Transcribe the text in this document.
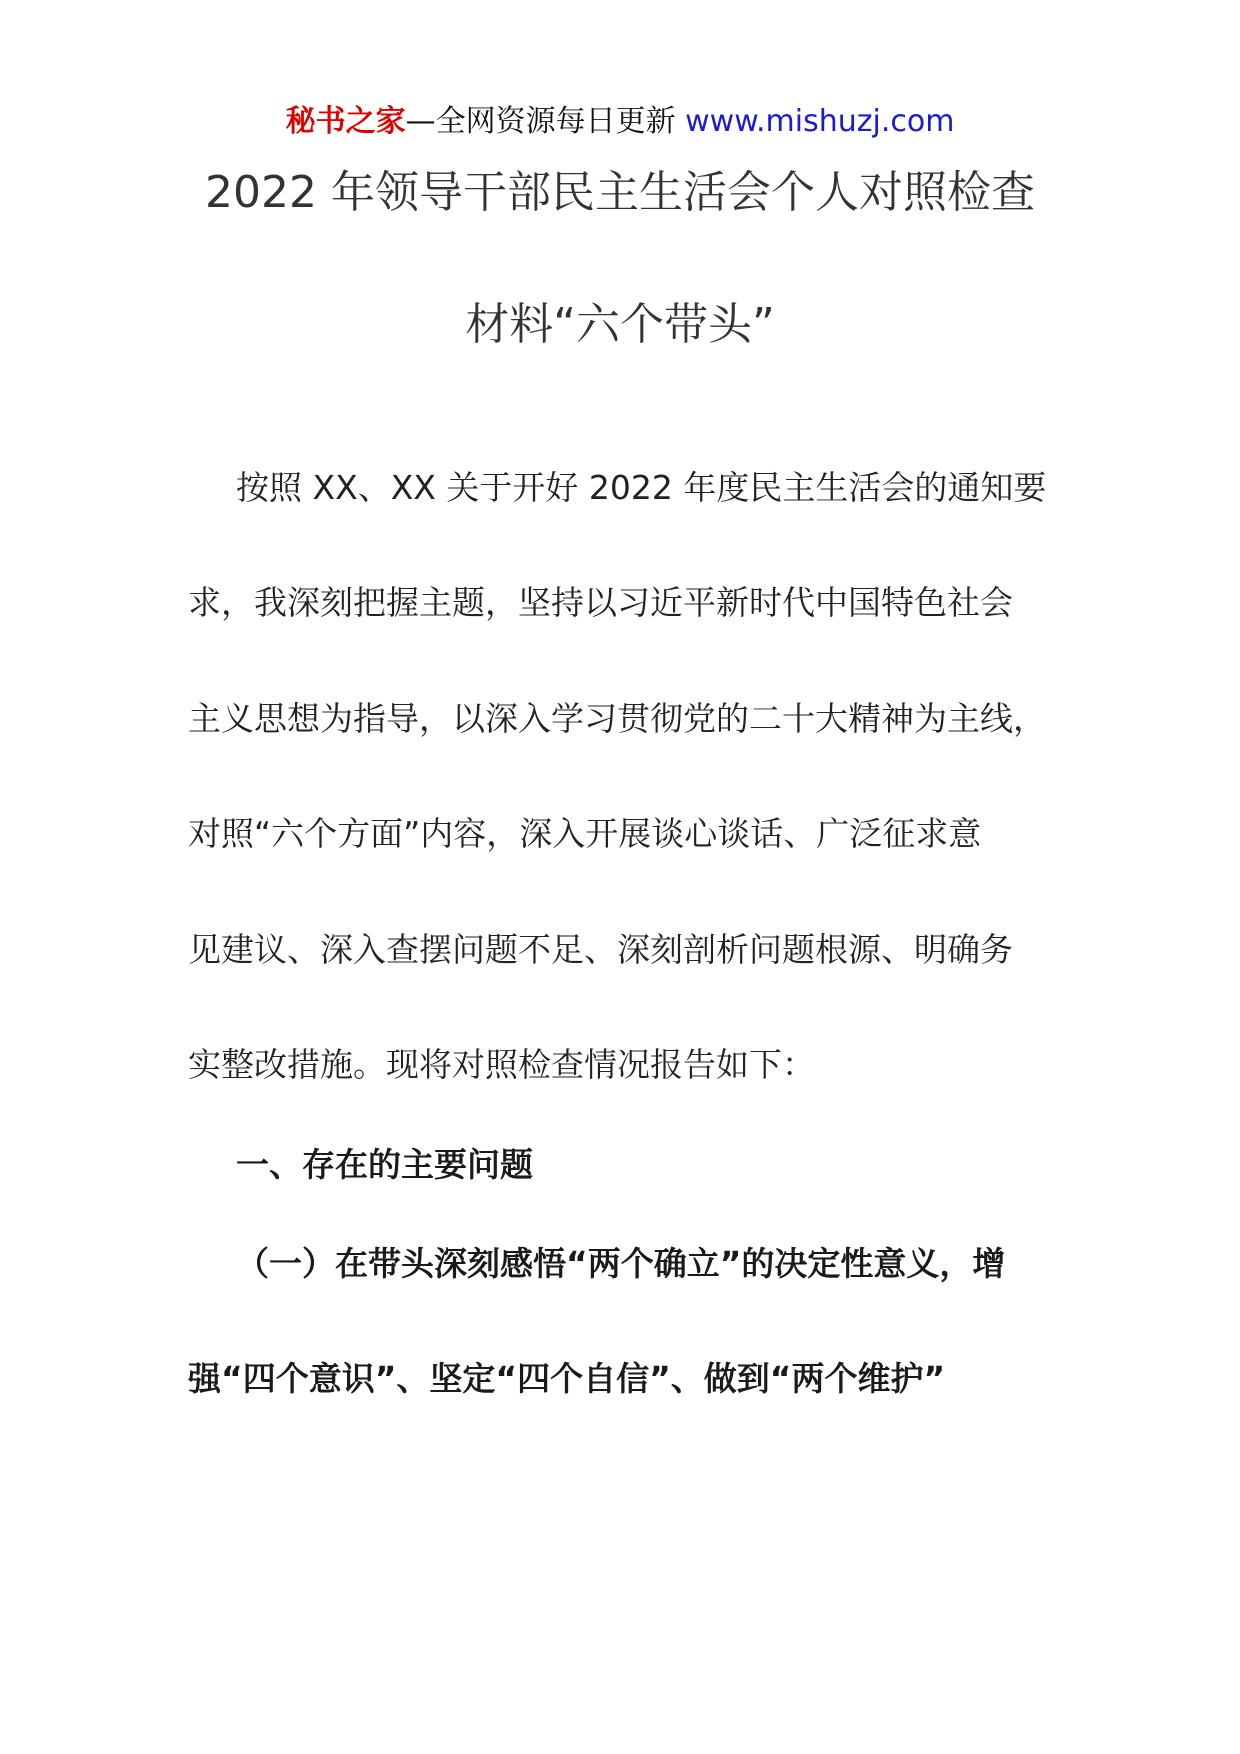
秘书之家—全网资源每日更新 www.mishuzj.com
2022 年领导干部民主生活会个人对照检查
材料“六个带头”
按照 XX、XX 关于开好 2022 年度民主生活会的通知要
求，我深刻把握主题，坚持以习近平新时代中国特色社会
主义思想为指导，以深入学习贯彻党的二十大精神为主线，
对照“六个方面”内容，深入开展谈心谈话、广泛征求意
见建议、深入查摆问题不足、深刻剖析问题根源、明确务
实整改措施。现将对照检查情况报告如下：
一、存在的主要问题
（一）在带头深刻感悟“两个确立”的决定性意义，增
强“四个意识”、坚定“四个自信”、做到“两个维护”
